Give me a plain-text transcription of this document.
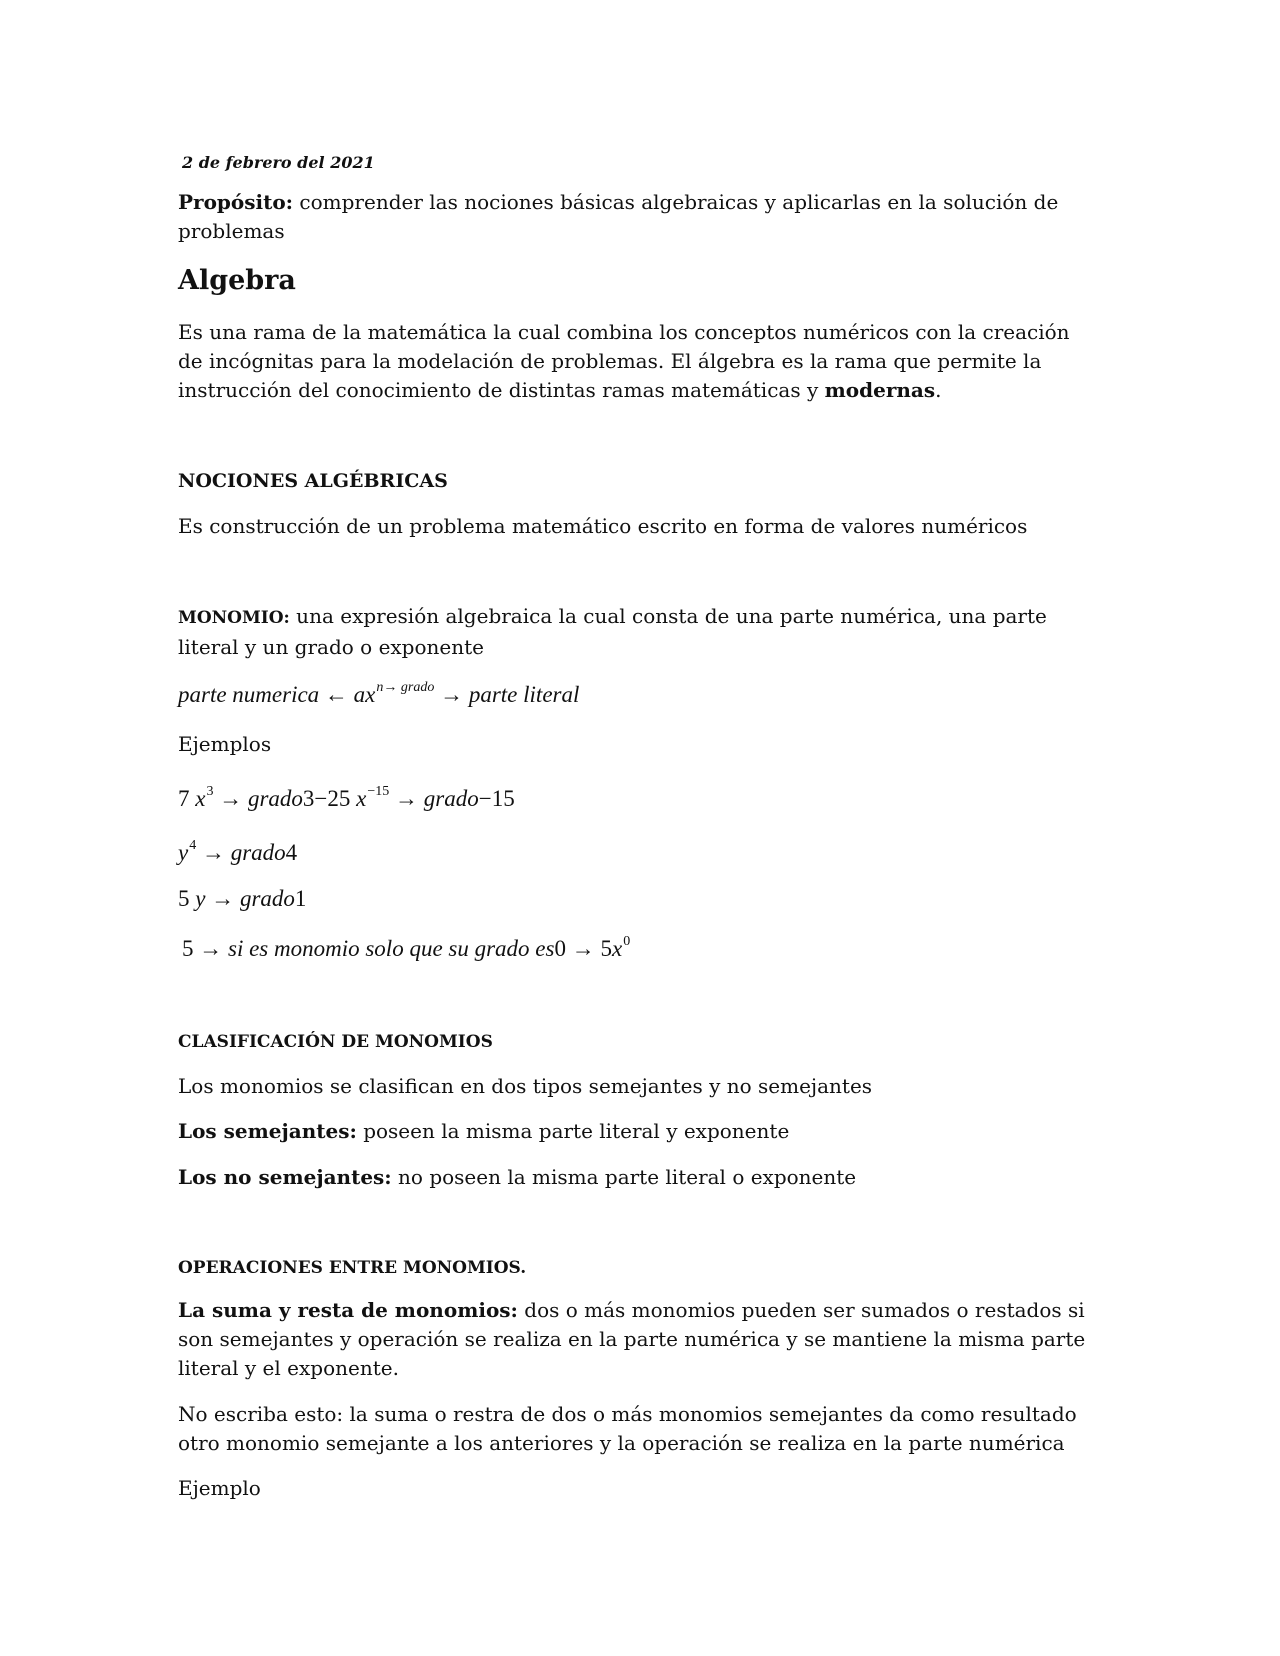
2 de febrero del 2021

Propósito: comprender las nociones básicas algebraicas y aplicarlas en la solución de problemas

Algebra

Es una rama de la matemática la cual combina los conceptos numéricos con la creación de incógnitas para la modelación de problemas. El álgebra es la rama que permite la instrucción del conocimiento de distintas ramas matemáticas y modernas.

NOCIONES ALGÉBRICAS

Es construcción de un problema matemático escrito en forma de valores numéricos

MONOMIO: una expresión algebraica la cual consta de una parte numérica, una parte literal y un grado o exponente

parte numerica ← $ax^{n\to grado}$ → parte literal

Ejemplos

7 $x^3$ → grado3−25 $x^{-15}$ → grado−15

$y^4$ → grado4

5 y → grado1

5 → si es monomio solo que su grado $es0 \to 5x^0$

CLASIFICACIÓN DE MONOMIOS

Los monomios se clasifican en dos tipos semejantes y no semejantes

Los semejantes: poseen la misma parte literal y exponente

Los no semejantes: no poseen la misma parte literal o exponente

OPERACIONES ENTRE MONOMIOS.

La suma y resta de monomios: dos o más monomios pueden ser sumados o restados si son semejantes y operación se realiza en la parte numérica y se mantiene la misma parte literal y el exponente.

No escriba esto: la suma o restra de dos o más monomios semejantes da como resultado otro monomio semejante a los anteriores y la operación se realiza en la parte numérica

Ejemplo
